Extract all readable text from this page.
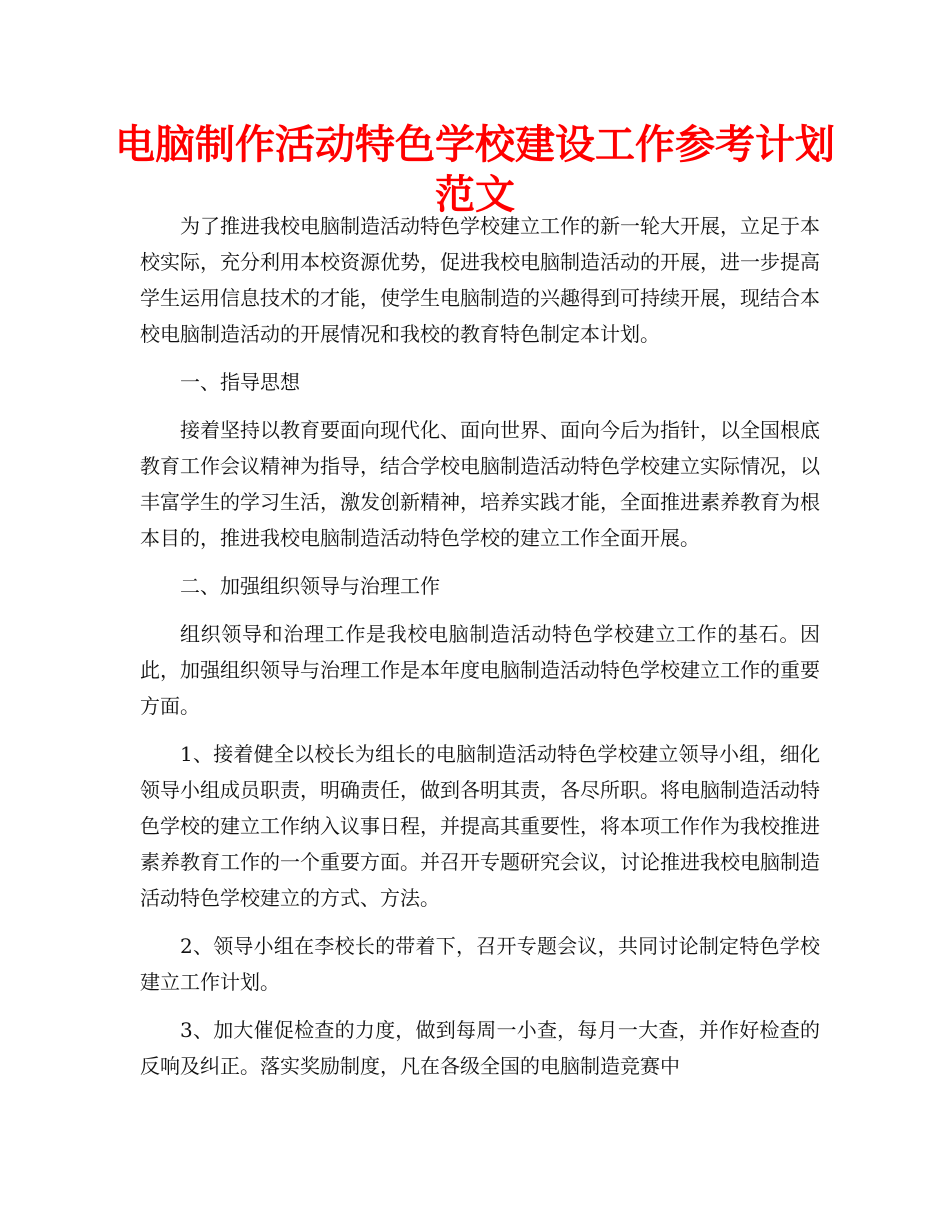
电脑制作活动特色学校建设工作参考计划
范文

为了推进我校电脑制造活动特色学校建立工作的新一轮大开展，立足于本校实际，充分利用本校资源优势，促进我校电脑制造活动的开展，进一步提高学生运用信息技术的才能，使学生电脑制造的兴趣得到可持续开展，现结合本校电脑制造活动的开展情况和我校的教育特色制定本计划。

一、指导思想

接着坚持以教育要面向现代化、面向世界、面向今后为指针，以全国根底教育工作会议精神为指导，结合学校电脑制造活动特色学校建立实际情况，以丰富学生的学习生活，激发创新精神，培养实践才能，全面推进素养教育为根本目的，推进我校电脑制造活动特色学校的建立工作全面开展。

二、加强组织领导与治理工作

组织领导和治理工作是我校电脑制造活动特色学校建立工作的基石。因此，加强组织领导与治理工作是本年度电脑制造活动特色学校建立工作的重要方面。

1、接着健全以校长为组长的电脑制造活动特色学校建立领导小组，细化领导小组成员职责，明确责任，做到各明其责，各尽所职。将电脑制造活动特色学校的建立工作纳入议事日程，并提高其重要性，将本项工作作为我校推进素养教育工作的一个重要方面。并召开专题研究会议，讨论推进我校电脑制造活动特色学校建立的方式、方法。

2、领导小组在李校长的带着下，召开专题会议，共同讨论制定特色学校建立工作计划。

3、加大催促检查的力度，做到每周一小查，每月一大查，并作好检查的反响及纠正。落实奖励制度，凡在各级全国的电脑制造竞赛中
